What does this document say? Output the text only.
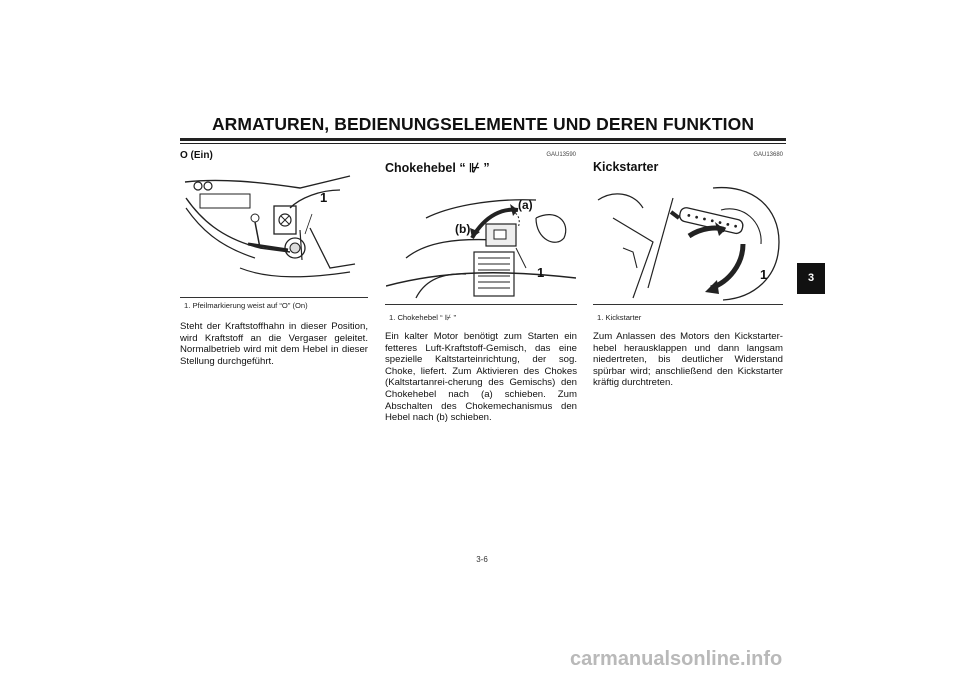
ARMATUREN, BEDIENUNGSELEMENTE UND DEREN FUNKTION
O (Ein)
1
1. Pfeilmarkierung weist auf “O” (On)
Steht der Kraftstoffhahn in dieser Position, wird Kraftstoff an die Vergaser geleitet. Normalbetrieb wird mit dem Hebel in dieser Stellung durchgeführt.
GAU13590
Chokehebel “ ⊮ ”
(a)
(b)
1
1. Chokehebel “ ⊮ ”
Ein kalter Motor benötigt zum Starten ein fetteres Luft-Kraftstoff-Gemisch, das eine spezielle Kaltstarteinrichtung, der sog. Choke, liefert. Zum Aktivieren des Chokes (Kaltstartanrei-cherung des Gemischs) den Chokehebel nach (a) schieben. Zum Abschalten des Chokemechanismus den Hebel nach (b) schieben.
GAU13680
Kickstarter
1
1. Kickstarter
Zum Anlassen des Motors den Kickstarter-hebel herausklappen und dann langsam niedertreten, bis deutlicher Widerstand spürbar wird; anschließend den Kickstarter kräftig durchtreten.
3
3-6
carmanualsonline.info
